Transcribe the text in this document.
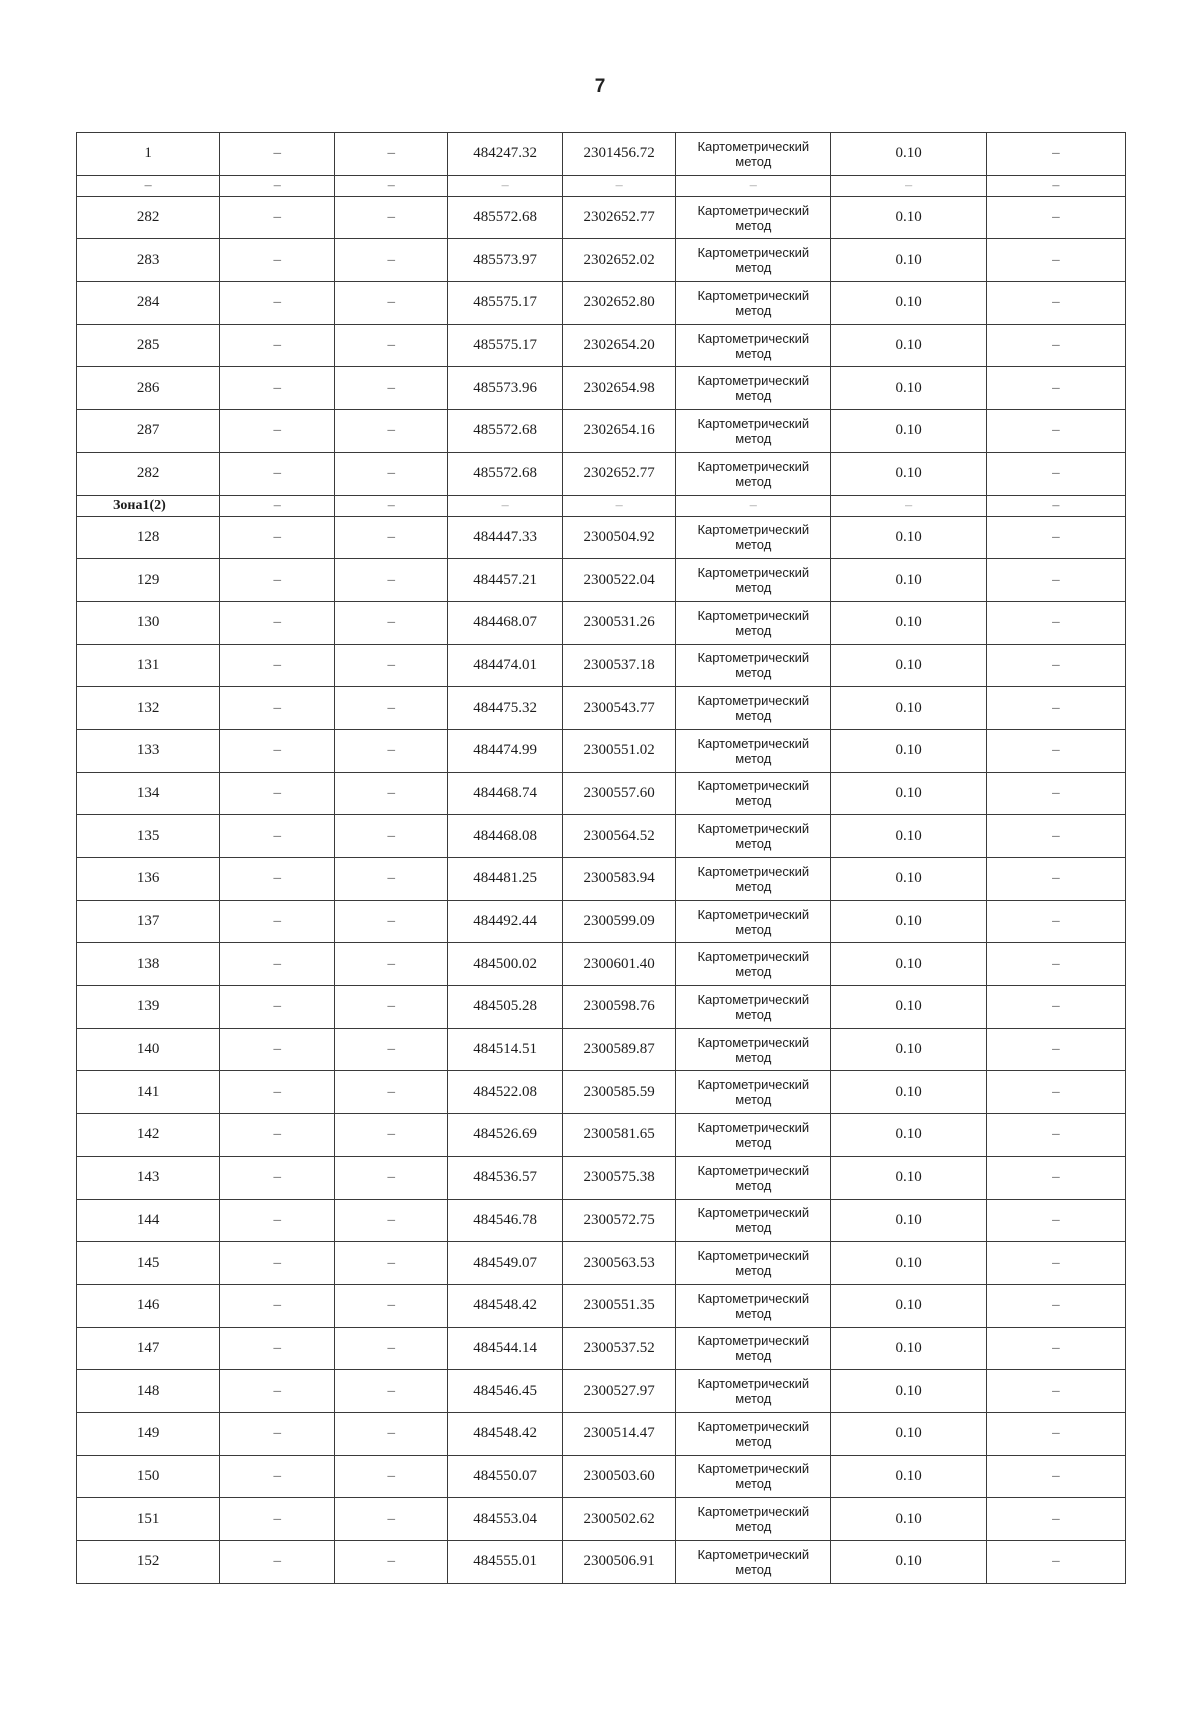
7
1	–	–	484247.32	2301456.72	Картометрический метод	0.10	–
–	–	–	–	–	–	–	–
282	–	–	485572.68	2302652.77	Картометрический метод	0.10	–
283	–	–	485573.97	2302652.02	Картометрический метод	0.10	–
284	–	–	485575.17	2302652.80	Картометрический метод	0.10	–
285	–	–	485575.17	2302654.20	Картометрический метод	0.10	–
286	–	–	485573.96	2302654.98	Картометрический метод	0.10	–
287	–	–	485572.68	2302654.16	Картометрический метод	0.10	–
282	–	–	485572.68	2302652.77	Картометрический метод	0.10	–
Зона1(2)	–	–	–	–	–	–	–
128	–	–	484447.33	2300504.92	Картометрический метод	0.10	–
129	–	–	484457.21	2300522.04	Картометрический метод	0.10	–
130	–	–	484468.07	2300531.26	Картометрический метод	0.10	–
131	–	–	484474.01	2300537.18	Картометрический метод	0.10	–
132	–	–	484475.32	2300543.77	Картометрический метод	0.10	–
133	–	–	484474.99	2300551.02	Картометрический метод	0.10	–
134	–	–	484468.74	2300557.60	Картометрический метод	0.10	–
135	–	–	484468.08	2300564.52	Картометрический метод	0.10	–
136	–	–	484481.25	2300583.94	Картометрический метод	0.10	–
137	–	–	484492.44	2300599.09	Картометрический метод	0.10	–
138	–	–	484500.02	2300601.40	Картометрический метод	0.10	–
139	–	–	484505.28	2300598.76	Картометрический метод	0.10	–
140	–	–	484514.51	2300589.87	Картометрический метод	0.10	–
141	–	–	484522.08	2300585.59	Картометрический метод	0.10	–
142	–	–	484526.69	2300581.65	Картометрический метод	0.10	–
143	–	–	484536.57	2300575.38	Картометрический метод	0.10	–
144	–	–	484546.78	2300572.75	Картометрический метод	0.10	–
145	–	–	484549.07	2300563.53	Картометрический метод	0.10	–
146	–	–	484548.42	2300551.35	Картометрический метод	0.10	–
147	–	–	484544.14	2300537.52	Картометрический метод	0.10	–
148	–	–	484546.45	2300527.97	Картометрический метод	0.10	–
149	–	–	484548.42	2300514.47	Картометрический метод	0.10	–
150	–	–	484550.07	2300503.60	Картометрический метод	0.10	–
151	–	–	484553.04	2300502.62	Картометрический метод	0.10	–
152	–	–	484555.01	2300506.91	Картометрический метод	0.10	–
